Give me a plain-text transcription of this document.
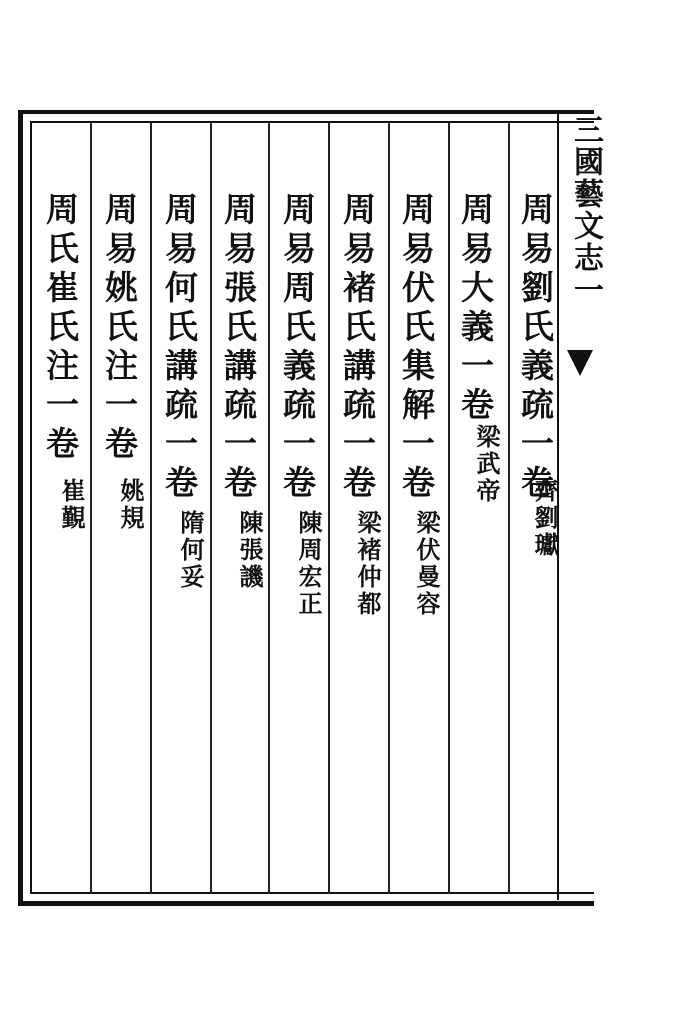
三國藝文志一
周易劉氏義疏一卷
齊劉瓛
周易大義一卷
梁武帝
周易伏氏集解一卷
梁伏曼容
周易褚氏講疏一卷
梁褚仲都
周易周氏義疏一卷
陳周宏正
周易張氏講疏一卷
陳張譏
周易何氏講疏一卷
隋何妥
周易姚氏注一卷
姚規
周氏崔氏注一卷
崔覲
